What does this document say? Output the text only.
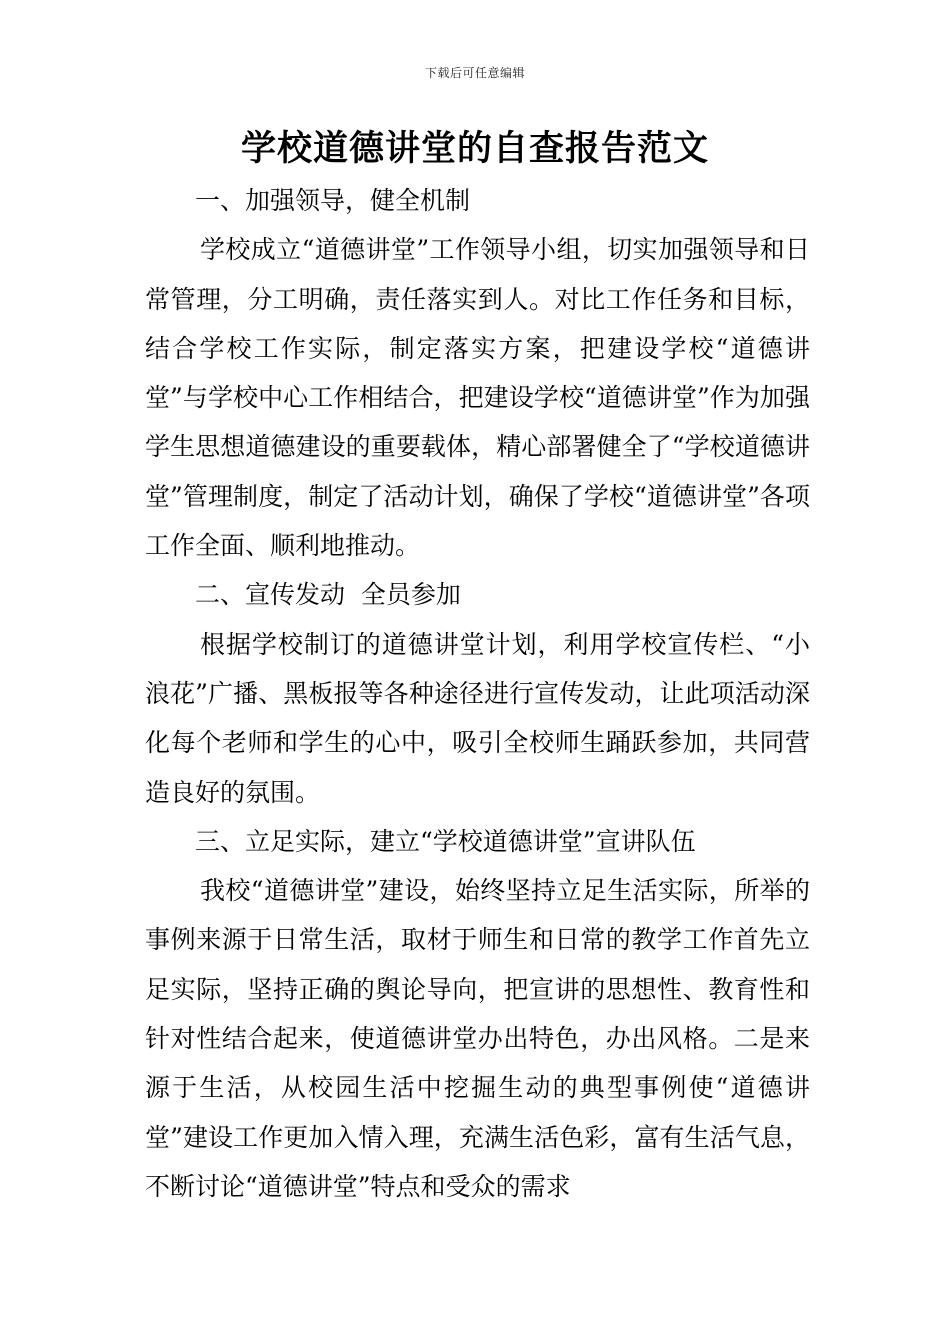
下载后可任意编辑
学校道德讲堂的自查报告范文

一、加强领导，健全机制

学校成立“道德讲堂”工作领导小组，切实加强领导和日常管理，分工明确，责任落实到人。对比工作任务和目标，结合学校工作实际，制定落实方案，把建设学校“道德讲堂”与学校中心工作相结合，把建设学校“道德讲堂”作为加强学生思想道德建设的重要载体，精心部署健全了“学校道德讲堂”管理制度，制定了活动计划，确保了学校“道德讲堂”各项工作全面、顺利地推动。

二、宣传发动  全员参加

根据学校制订的道德讲堂计划，利用学校宣传栏、“小浪花”广播、黑板报等各种途径进行宣传发动，让此项活动深化每个老师和学生的心中，吸引全校师生踊跃参加，共同营造良好的氛围。

三、立足实际，建立“学校道德讲堂”宣讲队伍

我校“道德讲堂”建设，始终坚持立足生活实际，所举的事例来源于日常生活，取材于师生和日常的教学工作首先立足实际，坚持正确的舆论导向，把宣讲的思想性、教育性和针对性结合起来，使道德讲堂办出特色，办出风格。二是来源于生活，从校园生活中挖掘生动的典型事例使“道德讲堂”建设工作更加入情入理，充满生活色彩，富有生活气息，不断讨论“道德讲堂”特点和受众的需求
